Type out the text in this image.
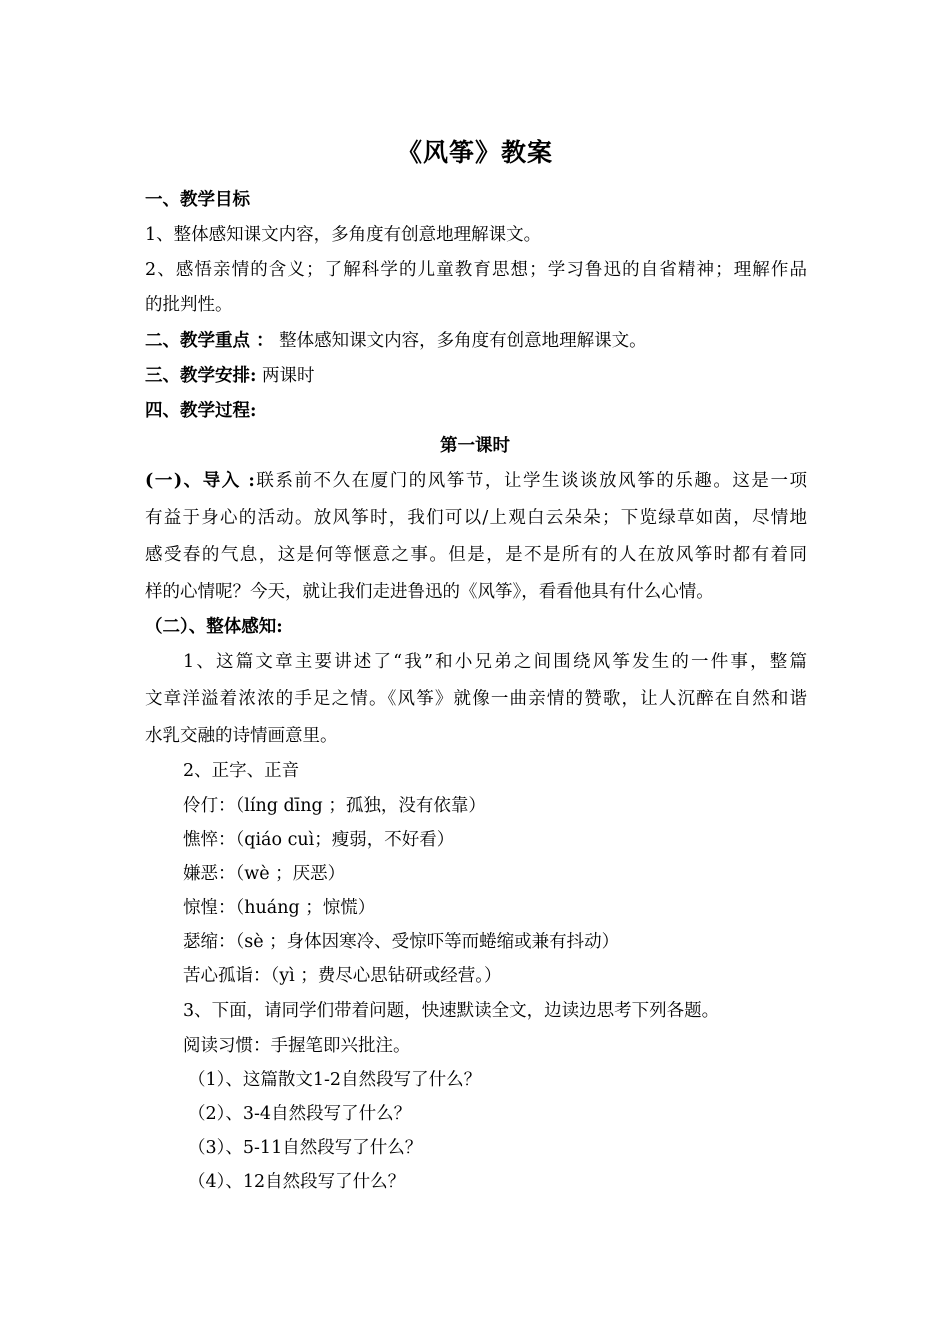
《风筝》教案
一、教学目标
1、整体感知课文内容，多角度有创意地理解课文。
2、感悟亲情的含义；了解科学的儿童教育思想；学习鲁迅的自省精神；理解作品
的批判性。
二、教学重点 ： 整体感知课文内容，多角度有创意地理解课文。
三、教学安排: 两课时
四、教学过程:
第一课时
(一)、导入 :联系前不久在厦门的风筝节，让学生谈谈放风筝的乐趣。这是一项
有益于身心的活动。放风筝时，我们可以/上观白云朵朵；下览绿草如茵，尽情地
感受春的气息，这是何等惬意之事。但是，是不是所有的人在放风筝时都有着同
样的心情呢？今天，就让我们走进鲁迅的《风筝》，看看他具有什么心情。
（二）、整体感知:
1、这篇文章主要讲述了“我”和小兄弟之间围绕风筝发生的一件事，整篇
文章洋溢着浓浓的手足之情。《风筝》就像一曲亲情的赞歌，让人沉醉在自然和谐
水乳交融的诗情画意里。
2、正字、正音
伶仃：（líng dīng ；孤独，没有依靠）
憔悴：（qiáo cuì；瘦弱，不好看）
嫌恶：（wè ；厌恶）
惊惶：（huáng ；惊慌）
瑟缩：（sè ；身体因寒冷、受惊吓等而蜷缩或兼有抖动）
苦心孤诣：（yì ；费尽心思钻研或经营。）
3、下面，请同学们带着问题，快速默读全文，边读边思考下列各题。
阅读习惯：手握笔即兴批注。
（1）、这篇散文1-2自然段写了什么？
（2）、3-4自然段写了什么？
（3）、5-11自然段写了什么？
（4）、12自然段写了什么？
